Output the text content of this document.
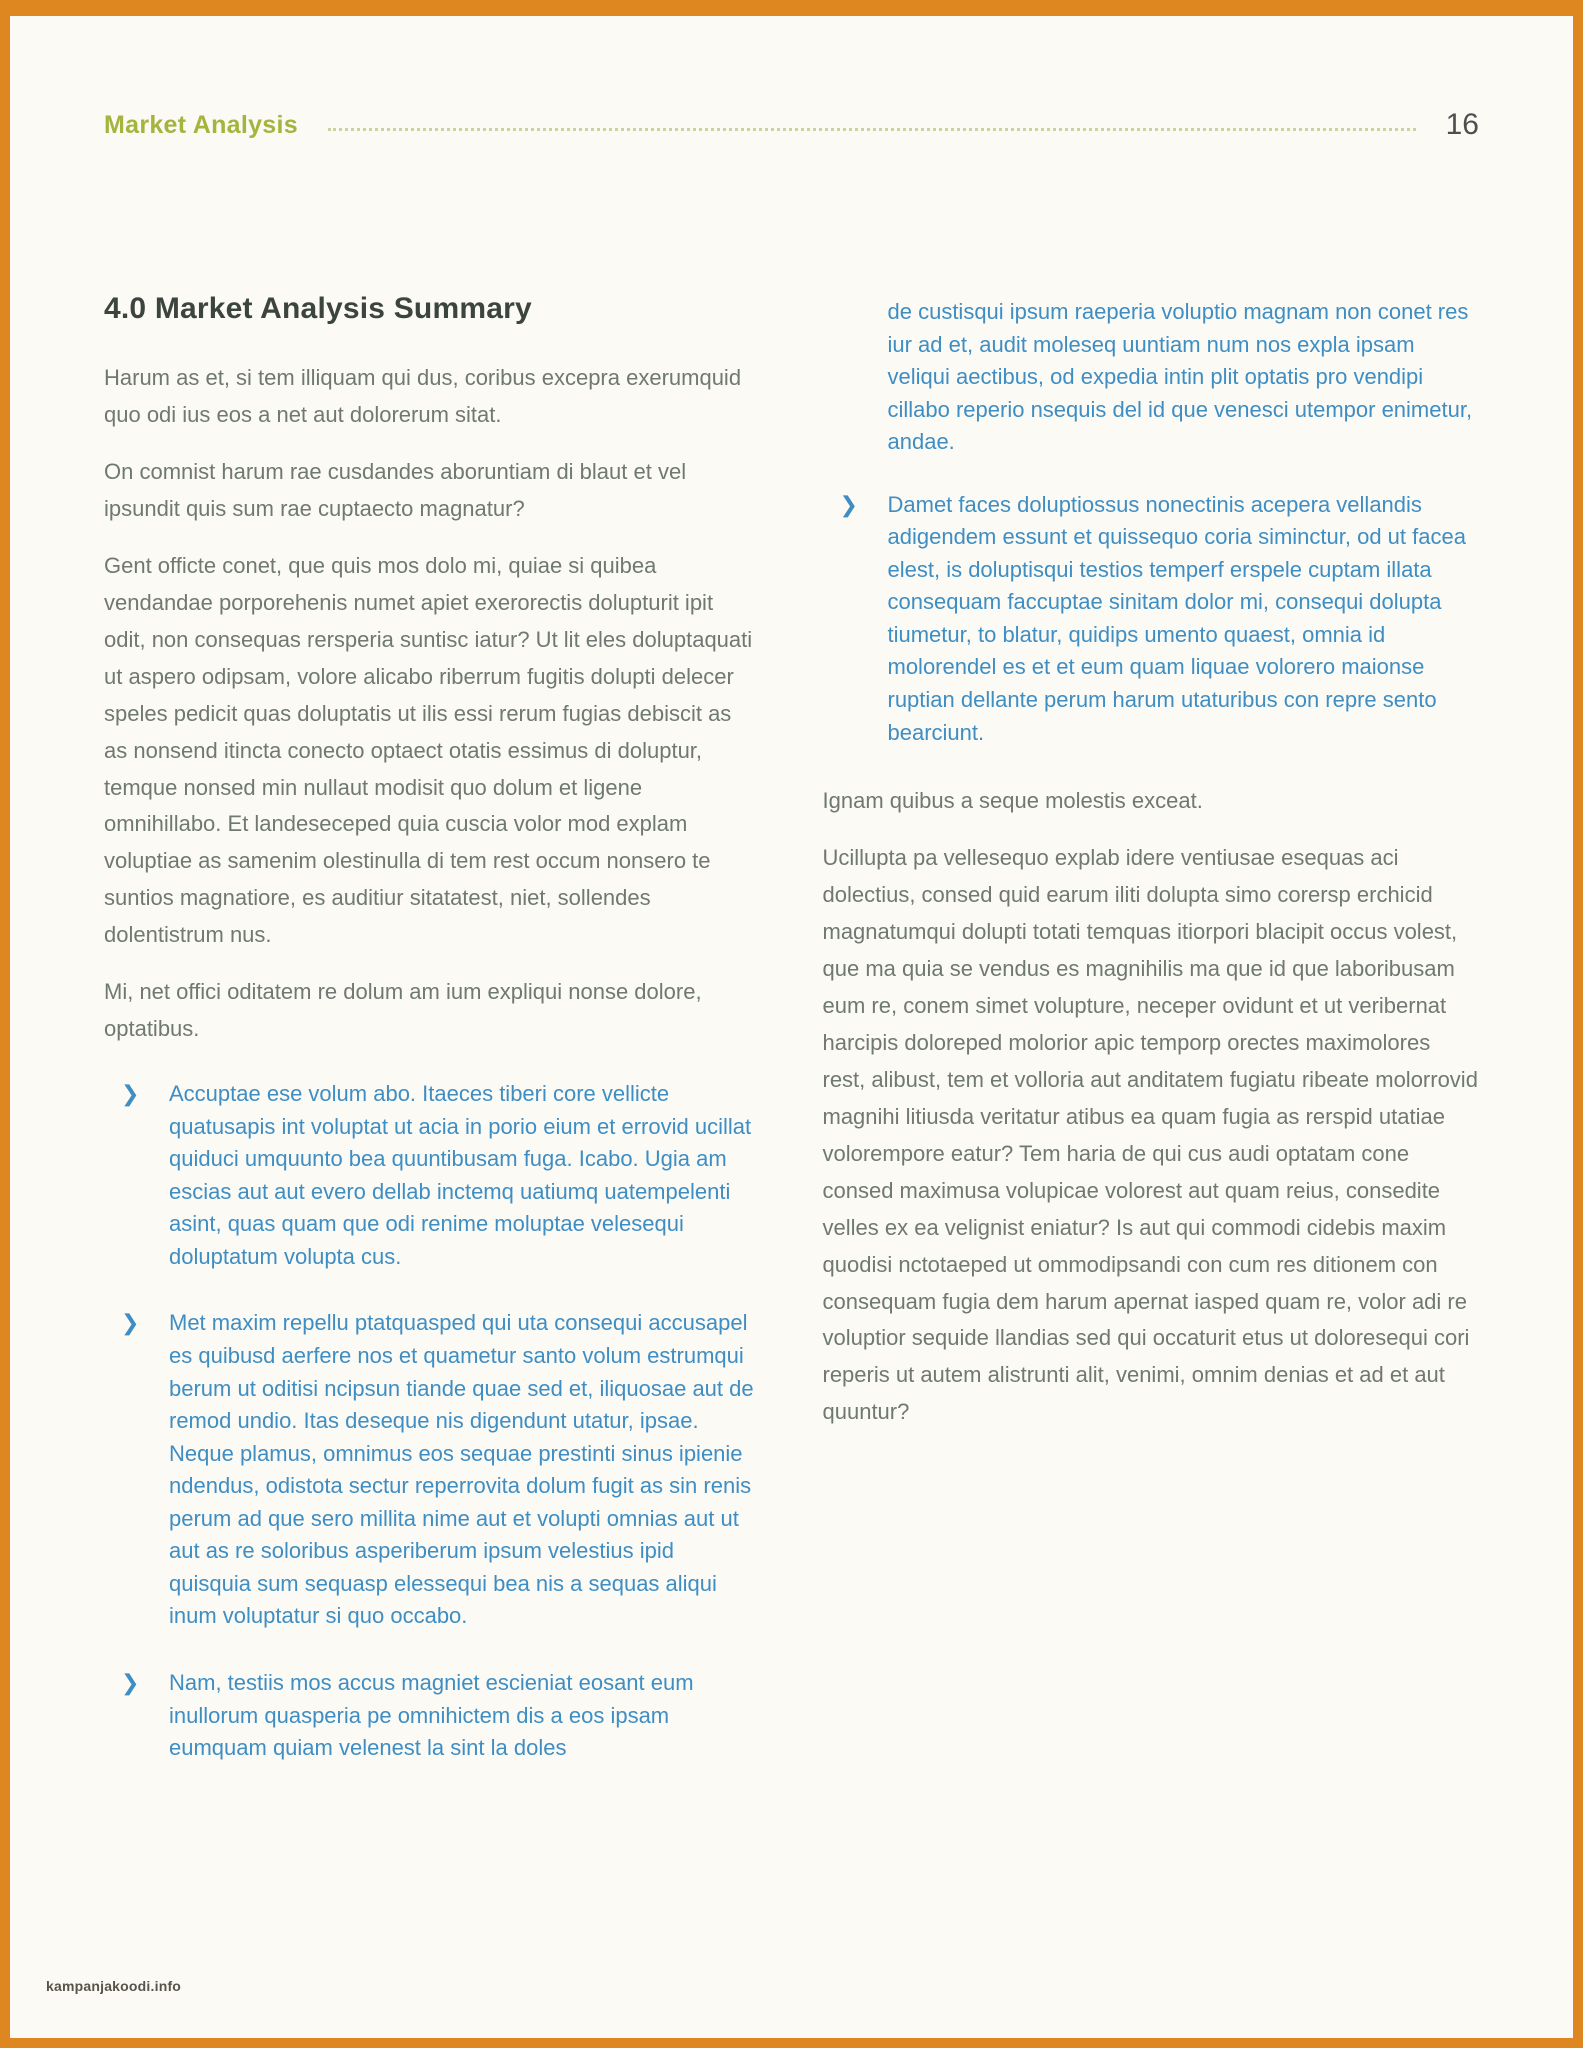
Market Analysis	16
4.0 Market Analysis Summary

Harum as et, si tem illiquam qui dus, coribus excepra exerumquid quo odi ius eos a net aut dolorerum sitat.

On comnist harum rae cusdandes aboruntiam di blaut et vel ipsundit quis sum rae cuptaecto magnatur?

Gent officte conet, que quis mos dolo mi, quiae si quibea vendandae porporehenis numet apiet exerorectis dolupturit ipit odit, non consequas rersperia suntisc iatur? Ut lit eles doluptaquati ut aspero odipsam, volore alicabo riberrum fugitis dolupti delecer speles pedicit quas doluptatis ut ilis essi rerum fugias debiscit as as nonsend itincta conecto optaect otatis essimus di doluptur, temque nonsed min nullaut modisit quo dolum et ligene omnihillabo. Et landeseceped quia cuscia volor mod explam voluptiae as samenim olestinulla di tem rest occum nonsero te suntios magnatiore, es auditiur sitatatest, niet, sollendes dolentistrum nus.

Mi, net offici oditatem re dolum am ium expliqui nonse dolore, optatibus.

❯	Accuptae ese volum abo. Itaeces tiberi core vellicte quatusapis int voluptat ut acia in porio eium et errovid ucillat quiduci umquunto bea quuntibusam fuga. Icabo. Ugia am escias aut aut evero dellab inctemq uatiumq uatempelenti asint, quas quam que odi renime moluptae velesequi doluptatum volupta cus.
❯	Met maxim repellu ptatquasped qui uta consequi accusapel es quibusd aerfere nos et quametur santo volum estrumqui berum ut oditisi ncipsun tiande quae sed et, iliquosae aut de remod undio. Itas deseque nis digendunt utatur, ipsae. Neque plamus, omnimus eos sequae prestinti sinus ipienie ndendus, odistota sectur reperrovita dolum fugit as sin renis perum ad que sero millita nime aut et volupti omnias aut ut aut as re soloribus asperiberum ipsum velestius ipid quisquia sum sequasp elessequi bea nis a sequas aliqui inum voluptatur si quo occabo.
❯	Nam, testiis mos accus magniet escieniat eosant eum inullorum quasperia pe omnihictem dis a eos ipsam eumquam quiam velenest la sint la doles

de custisqui ipsum raeperia voluptio magnam non conet res iur ad et, audit moleseq uuntiam num nos expla ipsam veliqui aectibus, od expedia intin plit optatis pro vendipi cillabo reperio nsequis del id que venesci utempor enimetur, andae.

❯	Damet faces doluptiossus nonectinis acepera vellandis adigendem essunt et quissequo coria siminctur, od ut facea elest, is doluptisqui testios temperf erspele cuptam illata consequam faccuptae sinitam dolor mi, consequi dolupta tiumetur, to blatur, quidips umento quaest, omnia id molorendel es et et eum quam liquae volorero maionse ruptian dellante perum harum utaturibus con repre sento bearciunt.

Ignam quibus a seque molestis exceat.

Ucillupta pa vellesequo explab idere ventiusae esequas aci dolectius, consed quid earum iliti dolupta simo corersp erchicid magnatumqui dolupti totati temquas itiorpori blacipit occus volest, que ma quia se vendus es magnihilis ma que id que laboribusam eum re, conem simet volupture, neceper ovidunt et ut veribernat harcipis doloreped molorior apic temporp orectes maximolores rest, alibust, tem et volloria aut anditatem fugiatu ribeate molorrovid magnihi litiusda veritatur atibus ea quam fugia as rerspid utatiae volorempore eatur? Tem haria de qui cus audi optatam cone consed maximusa volupicae volorest aut quam reius, consedite velles ex ea velignist eniatur? Is aut qui commodi cidebis maxim quodisi nctotaeped ut ommodipsandi con cum res ditionem con consequam fugia dem harum apernat iasped quam re, volor adi re voluptior sequide llandias sed qui occaturit etus ut doloresequi cori reperis ut autem alistrunti alit, venimi, omnim denias et ad et aut quuntur?

kampanjakoodi.info
